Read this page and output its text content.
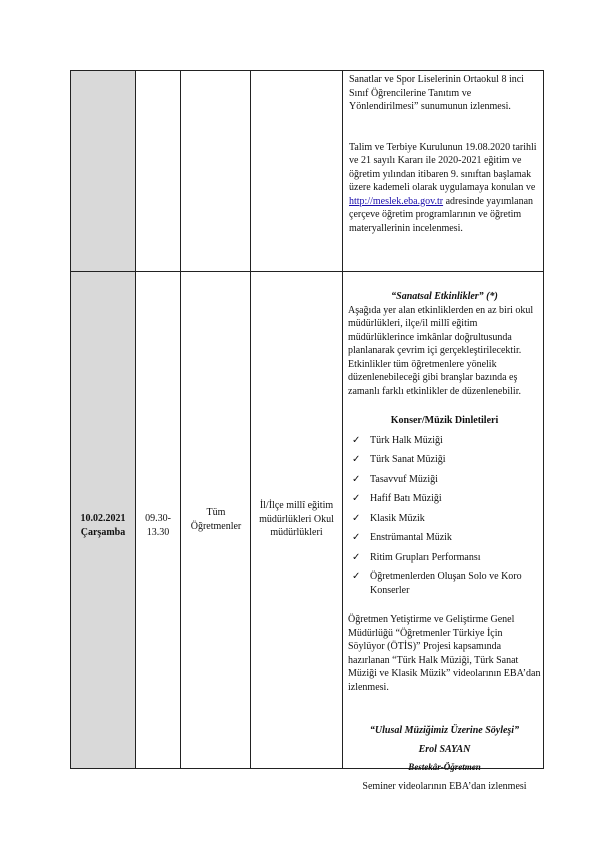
Sanatlar ve Spor Liselerinin Ortaokul 8 inci Sınıf Öğrencilerine Tanıtım ve Yönlendirilmesi” sunumunun izlenmesi.

Talim ve Terbiye Kurulunun 19.08.2020 tarihli ve 21 sayılı Kararı ile 2020-2021 eğitim ve öğretim yılından itibaren 9. sınıftan başlamak üzere kademeli olarak uygulamaya konulan ve http://meslek.eba.gov.tr adresinde yayımlanan çerçeve öğretim programlarının ve öğretim materyallerinin incelenmesi.

10.02.2021
Çarşamba
09.30-
13.30
Tüm Öğretmenler
İl/İlçe millî eğitim müdürlükleri Okul müdürlükleri
“Sanatsal Etkinlikler” (*)

Aşağıda yer alan etkinliklerden en az biri okul müdürlükleri, ilçe/il millî eğitim müdürlüklerince imkânlar doğrultusunda planlanarak çevrim içi gerçekleştirilecektir. Etkinlikler tüm öğretmenlere yönelik düzenlenebileceği gibi branşlar bazında eş zamanlı farklı etkinlikler de düzenlenebilir.

Konser/Müzik Dinletileri
✓ Türk Halk Müziği
✓ Türk Sanat Müziği
✓ Tasavvuf Müziği
✓ Hafif Batı Müziği
✓ Klasik Müzik
✓ Enstrümantal Müzik
✓ Ritim Grupları Performansı
✓ Öğretmenlerden Oluşan Solo ve Koro Konserler

Öğretmen Yetiştirme ve Geliştirme Genel Müdürlüğü “Öğretmenler Türkiye İçin Söylüyor (ÖTİS)” Projesi kapsamında hazırlanan “Türk Halk Müziği, Türk Sanat Müziği ve Klasik Müzik” videolarının EBA’dan izlenmesi.

“Ulusal Müziğimiz Üzerine Söyleşi”
Erol SAYAN
Bestekâr-Öğretmen
Seminer videolarının EBA’dan izlenmesi
